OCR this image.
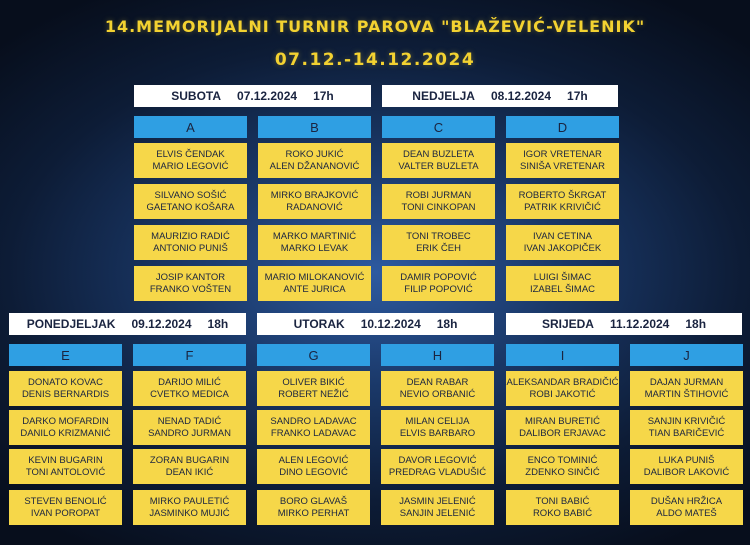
14.MEMORIJALNI TURNIR PAROVA "BLAŽEVIĆ-VELENIK"
07.12.-14.12.2024
SUBOTA 07.12.2024 17h	NEDJELJA 08.12.2024 17h
PONEDJELJAK 09.12.2024 18h	UTORAK 10.12.2024 18h	SRIJEDA 11.12.2024 18h
A
ELVIS ČENDAK
MARIO LEGOVIĆ
SILVANO SOŠIĆ
GAETANO KOŠARA
MAURIZIO RADIĆ
ANTONIO PUNIŠ
JOSIP KANTOR
FRANKO VOŠTEN
B
ROKO JUKIĆ
ALEN DŽANANOVIĆ
MIRKO BRAJKOVIĆ
RADANOVIĆ
MARKO MARTINIĆ
MARKO LEVAK
MARIO MILOKANOVIĆ
ANTE JURICA
C
DEAN BUZLETA
VALTER BUZLETA
ROBI JURMAN
TONI CINKOPAN
TONI TROBEC
ERIK ČEH
DAMIR POPOVIĆ
FILIP POPOVIĆ
D
IGOR VRETENAR
SINIŠA VRETENAR
ROBERTO ŠKRGAT
PATRIK KRIVIČIĆ
IVAN CETINA
IVAN JAKOPIČEK
LUIGI ŠIMAC
IZABEL ŠIMAC
E
DONATO KOVAC
DENIS BERNARDIS
DARKO MOFARDIN
DANILO KRIZMANIĆ
KEVIN BUGARIN
TONI ANTOLOVIĆ
STEVEN BENOLIĆ
IVAN POROPAT
F
DARIJO MILIĆ
CVETKO MEDICA
NENAD TADIĆ
SANDRO JURMAN
ZORAN BUGARIN
DEAN IKIĆ
MIRKO PAULETIĆ
JASMINKO MUJIĆ
G
OLIVER BIKIĆ
ROBERT NEŽIĆ
SANDRO LADAVAC
FRANKO LADAVAC
ALEN LEGOVIĆ
DINO LEGOVIĆ
BORO GLAVAŠ
MIRKO PERHAT
H
DEAN RABAR
NEVIO ORBANIĆ
MILAN CELIJA
ELVIS BARBARO
DAVOR LEGOVIĆ
PREDRAG VLADUŠIĆ
JASMIN JELENIĆ
SANJIN JELENIĆ
I
ALEKSANDAR BRADIČIĆ
ROBI JAKOTIĆ
MIRAN BURETIĆ
DALIBOR ERJAVAC
ENCO TOMINIĆ
ZDENKO SINČIĆ
TONI BABIĆ
ROKO BABIĆ
J
DAJAN JURMAN
MARTIN ŠTIHOVIĆ
SANJIN KRIVIČIĆ
TIAN BARIČEVIĆ
LUKA PUNIŠ
DALIBOR LAKOVIĆ
DUŠAN HRŽICA
ALDO MATEŠ
